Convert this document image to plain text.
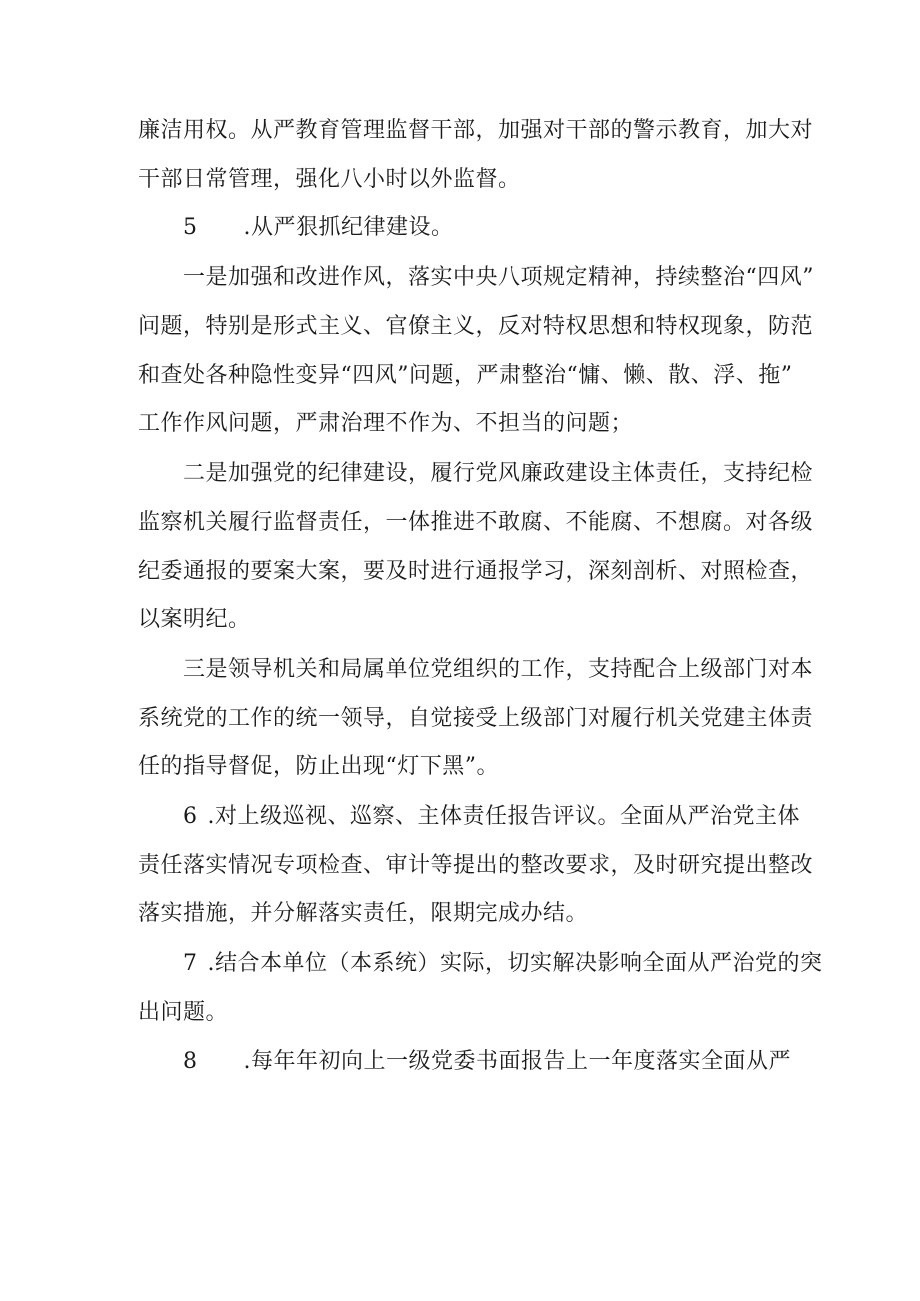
廉洁用权。从严教育管理监督干部，加强对干部的警示教育，加大对
干部日常管理，强化八小时以外监督。
5 .从严狠抓纪律建设。
一是加强和改进作风，落实中央八项规定精神，持续整治“四风”
问题，特别是形式主义、官僚主义，反对特权思想和特权现象，防范
和查处各种隐性变异“四风”问题，严肃整治“慵、懒、散、浮、拖”
工作作风问题，严肃治理不作为、不担当的问题；
二是加强党的纪律建设，履行党风廉政建设主体责任，支持纪检
监察机关履行监督责任，一体推进不敢腐、不能腐、不想腐。对各级
纪委通报的要案大案，要及时进行通报学习，深刻剖析、对照检查，
以案明纪。
三是领导机关和局属单位党组织的工作，支持配合上级部门对本
系统党的工作的统一领导，自觉接受上级部门对履行机关党建主体责
任的指导督促，防止出现“灯下黑”。
6 .对上级巡视、巡察、主体责任报告评议。全面从严治党主体
责任落实情况专项检查、审计等提出的整改要求，及时研究提出整改
落实措施，并分解落实责任，限期完成办结。
7 .结合本单位（本系统）实际，切实解决影响全面从严治党的突
出问题。
8 .每年年初向上一级党委书面报告上一年度落实全面从严
